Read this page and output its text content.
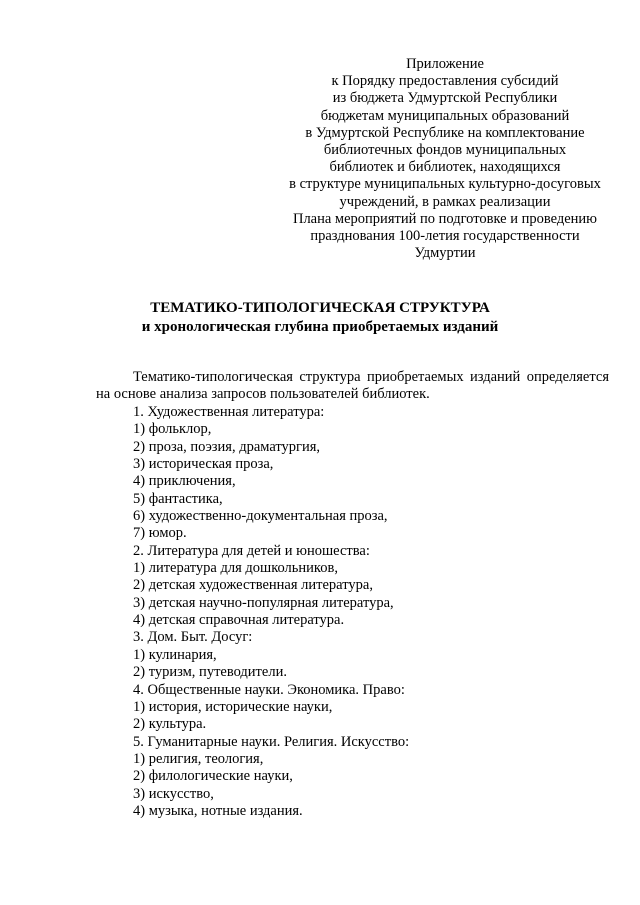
Приложение
к Порядку предоставления субсидий
из бюджета Удмуртской Республики
бюджетам муниципальных образований
в Удмуртской Республике на комплектование
библиотечных фондов муниципальных
библиотек и библиотек, находящихся
в структуре муниципальных культурно-досуговых
учреждений, в рамках реализации
Плана мероприятий по подготовке и проведению
празднования 100-летия государственности
Удмуртии
ТЕМАТИКО-ТИПОЛОГИЧЕСКАЯ СТРУКТУРА
и хронологическая глубина приобретаемых изданий
Тематико-типологическая структура приобретаемых изданий определяется
на основе анализа запросов пользователей библиотек.
1. Художественная литература:
1) фольклор,
2) проза, поэзия, драматургия,
3) историческая проза,
4) приключения,
5) фантастика,
6) художественно-документальная проза,
7) юмор.
2. Литература для детей и юношества:
1) литература для дошкольников,
2) детская художественная литература,
3) детская научно-популярная литература,
4) детская справочная литература.
3. Дом. Быт. Досуг:
1) кулинария,
2) туризм, путеводители.
4. Общественные науки. Экономика. Право:
1) история, исторические науки,
2) культура.
5. Гуманитарные науки. Религия. Искусство:
1) религия, теология,
2) филологические науки,
3) искусство,
4) музыка, нотные издания.
